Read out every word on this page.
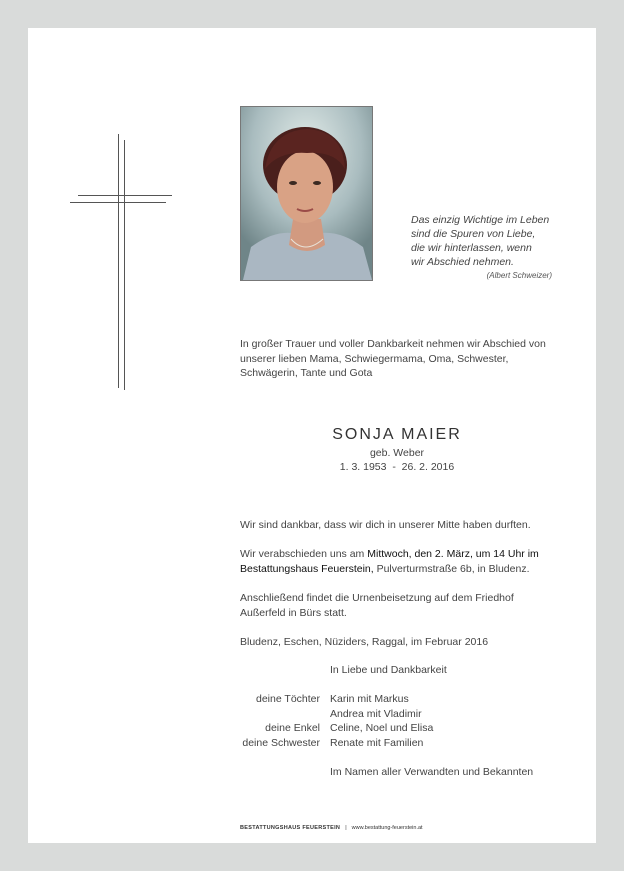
Das einzig Wichtige im Leben
sind die Spuren von Liebe,
die wir hinterlassen, wenn
wir Abschied nehmen.
(Albert Schweizer)
In großer Trauer und voller Dankbarkeit nehmen wir Abschied von
unserer lieben Mama, Schwiegermama, Oma, Schwester,
Schwägerin, Tante und Gota
SONJA MAIER
geb. Weber
1. 3. 1953  -  26. 2. 2016
Wir sind dankbar, dass wir dich in unserer Mitte haben durften.
Wir verabschieden uns am Mittwoch, den 2. März, um 14 Uhr im
Bestattungshaus Feuerstein, Pulverturmstraße 6b, in Bludenz.
Anschließend findet die Urnenbeisetzung auf dem Friedhof
Außerfeld in Bürs statt.
Bludenz, Eschen, Nüziders, Raggal, im Februar 2016
In Liebe und Dankbarkeit
deine Töchter Karin mit Markus
Andrea mit Vladimir
deine Enkel Celine, Noel und Elisa
deine Schwester Renate mit Familien
Im Namen aller Verwandten und Bekannten
BESTATTUNGSHAUS FEUERSTEIN | www.bestattung-feuerstein.at
